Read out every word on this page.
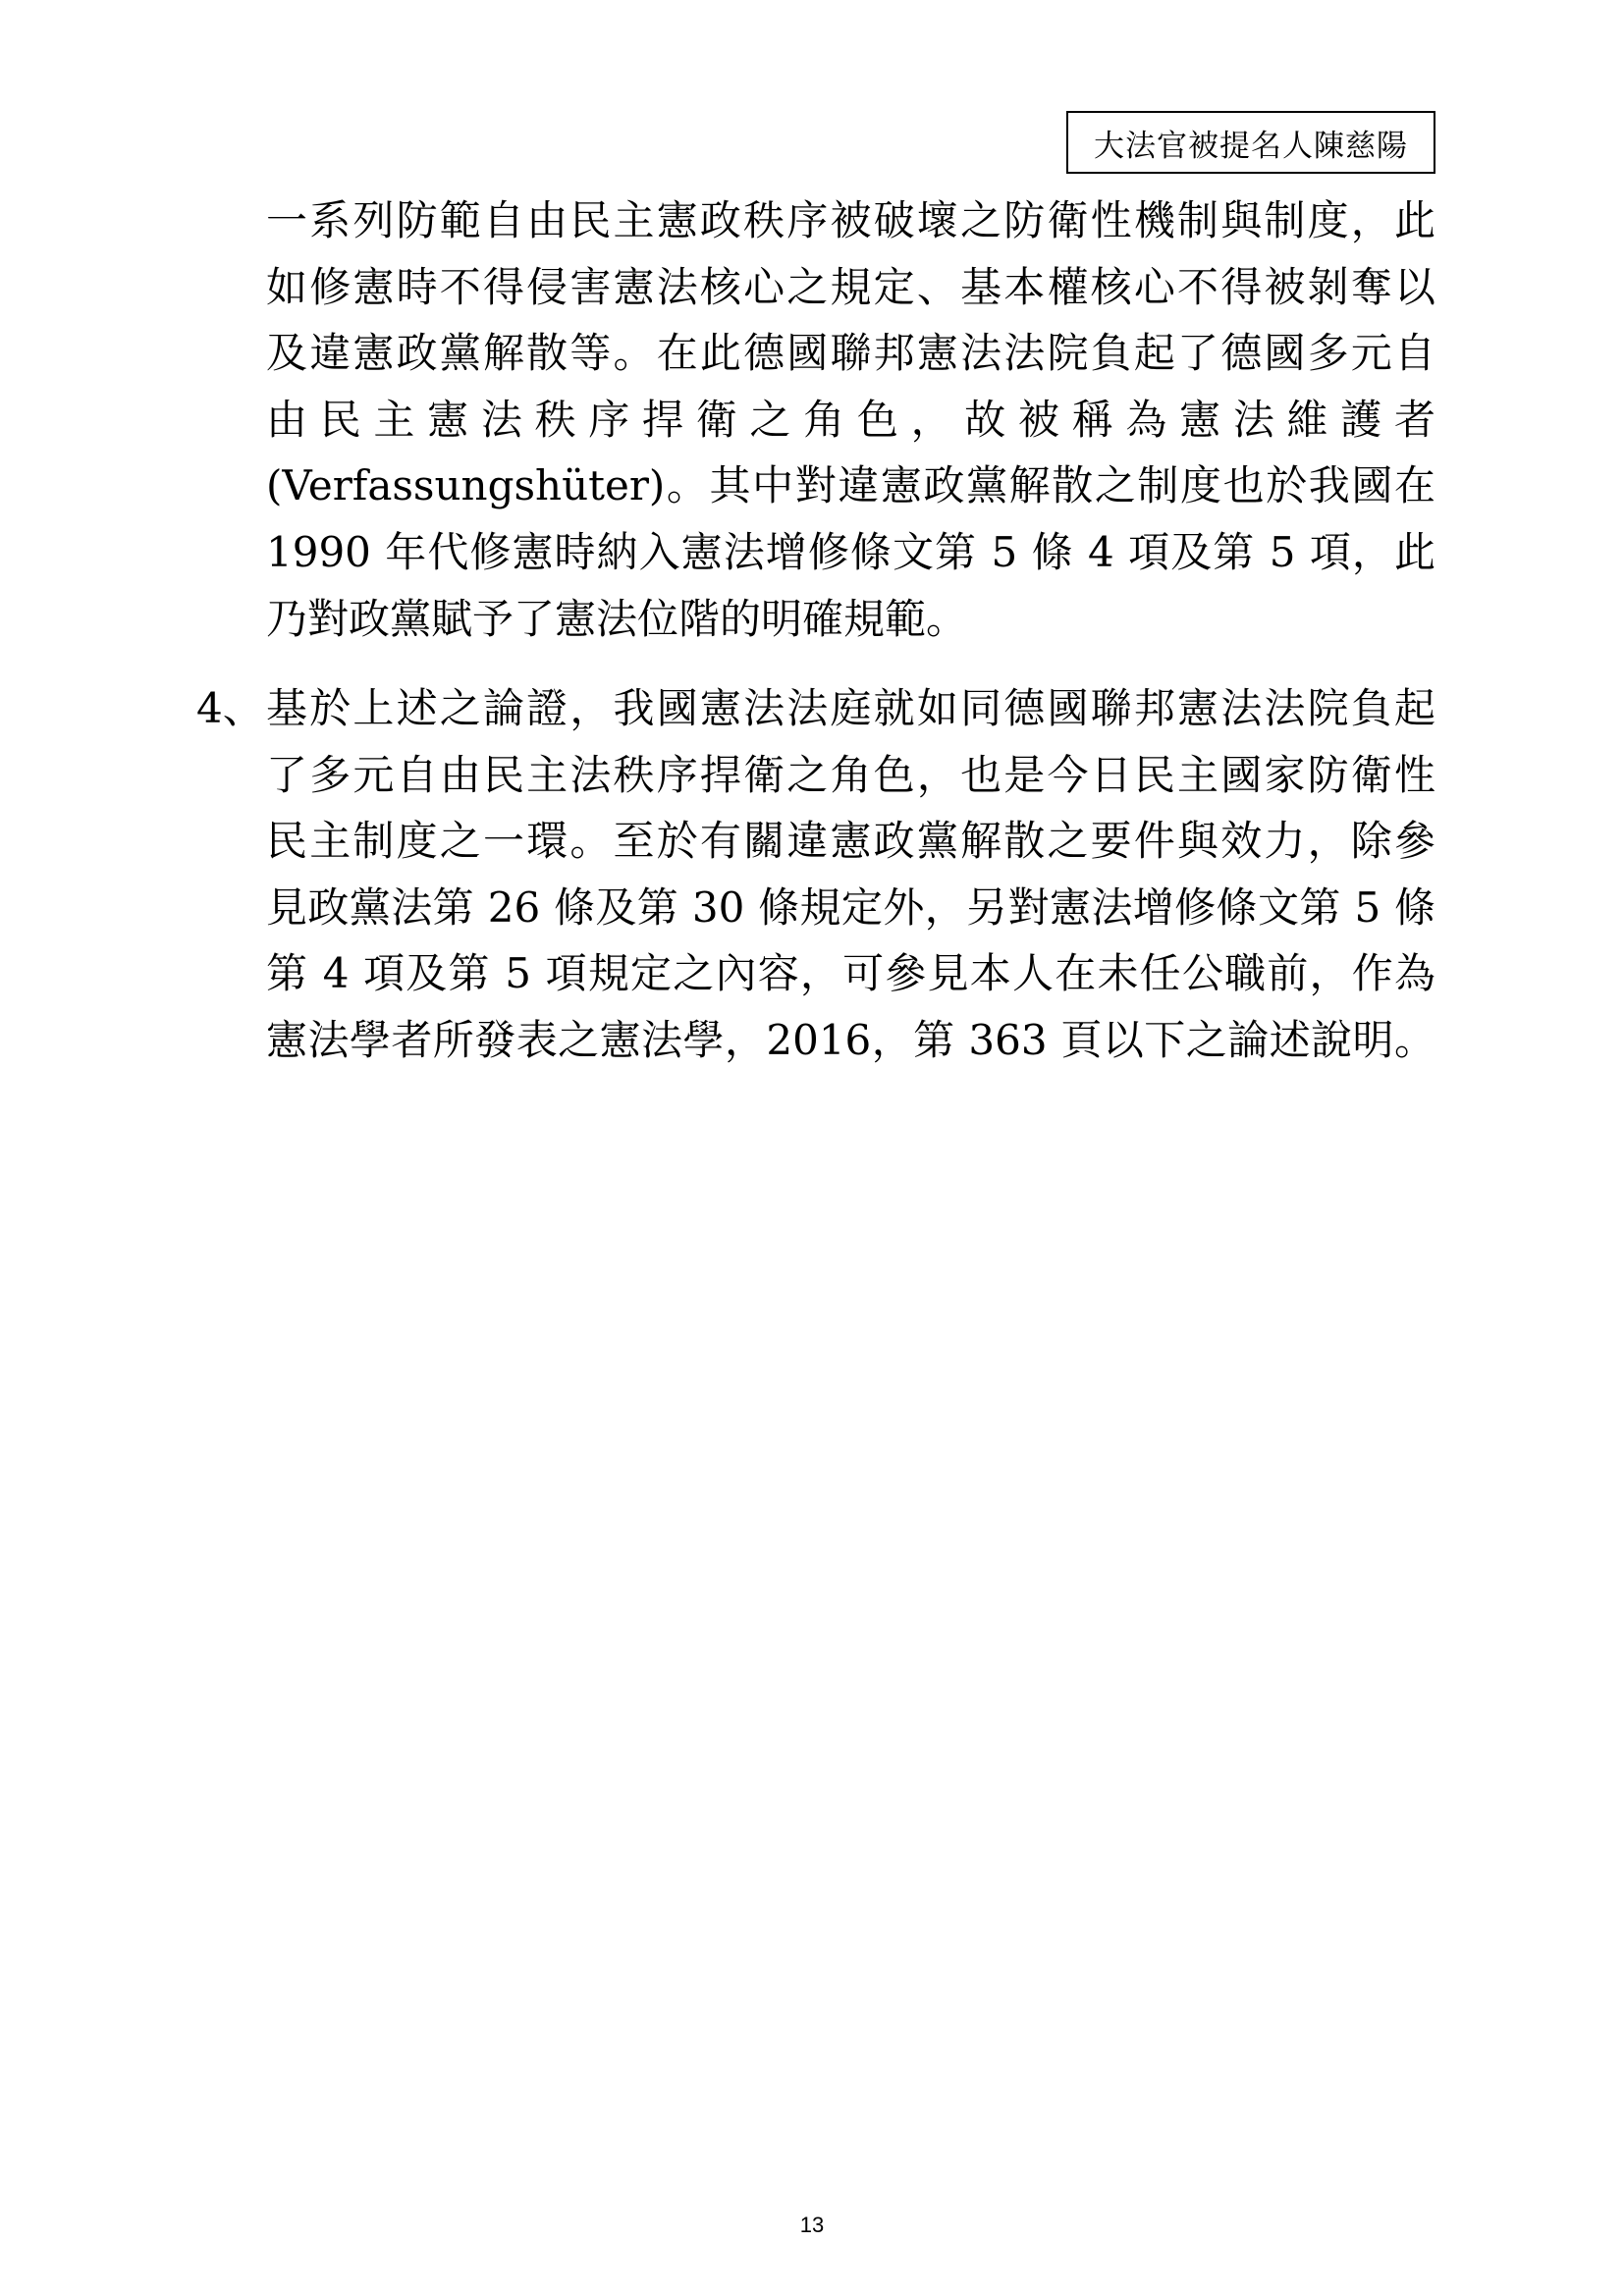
大法官被提名人陳慈陽
一系列防範自由民主憲政秩序被破壞之防衛性機制與制度，此
如修憲時不得侵害憲法核心之規定、基本權核心不得被剝奪以
及違憲政黨解散等。在此德國聯邦憲法法院負起了德國多元自
由民主憲法秩序捍衛之角色，故被稱為憲法維護者
(Verfassungshüter)。其中對違憲政黨解散之制度也於我國在
1990 年代修憲時納入憲法增修條文第 5 條 4 項及第 5 項，此
乃對政黨賦予了憲法位階的明確規範。
4、 基於上述之論證，我國憲法法庭就如同德國聯邦憲法法院負起
了多元自由民主法秩序捍衛之角色，也是今日民主國家防衛性
民主制度之一環。至於有關違憲政黨解散之要件與效力，除參
見政黨法第 26 條及第 30 條規定外，另對憲法增修條文第 5 條
第 4 項及第 5 項規定之內容，可參見本人在未任公職前，作為
憲法學者所發表之憲法學，2016，第 363 頁以下之論述說明。
13
